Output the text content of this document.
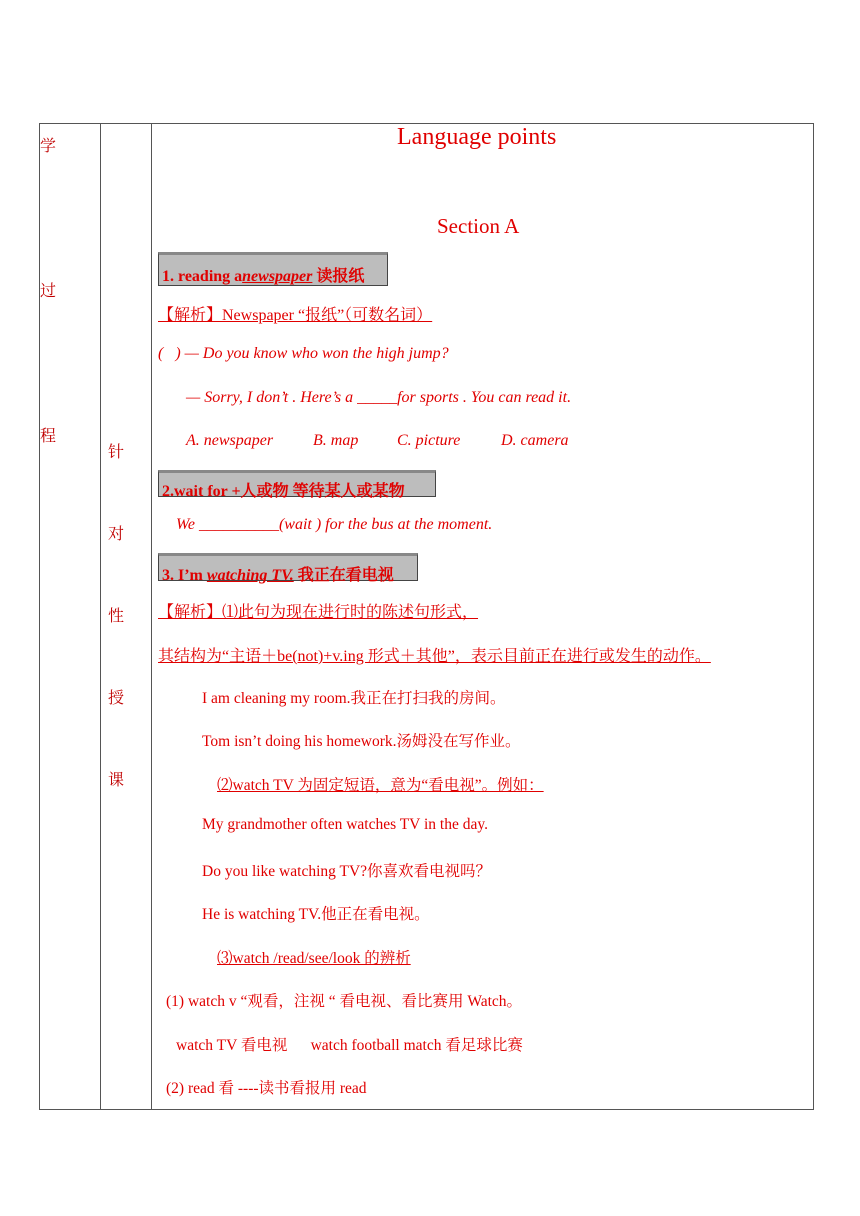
学
过
程
针
对
性
授
课
Language points
Section A
1. reading anewspaper 读报纸
【解析】Newspaper “报纸”（可数名词）
(   ) — Do you know who won the high jump?
— Sorry, I don’t . Here’s a _____for sports . You can read it.
A. newspaper B. map C. picture	D. camera
2.wait for +人或物 等待某人或某物
We __________(wait ) for the bus at the moment.
3. I’m watching TV. 我正在看电视
【解析】⑴此句为现在进行时的陈述句形式，
其结构为“主语＋be(not)+v.ing 形式＋其他”，表示目前正在进行或发生的动作。
I am cleaning my room.我正在打扫我的房间。
Tom isn’t doing his homework.汤姆没在写作业。
⑵watch TV 为固定短语，意为“看电视”。例如：
My grandmother often watches TV in the day.
Do you like watching TV?你喜欢看电视吗？
He is watching TV.他正在看电视。
⑶watch /read/see/look 的辨析
(1) watch v “观看，注视 “ 看电视、看比赛用 Watch。
watch TV 看电视      watch football match 看足球比赛
(2) read 看 ----读书看报用 read
